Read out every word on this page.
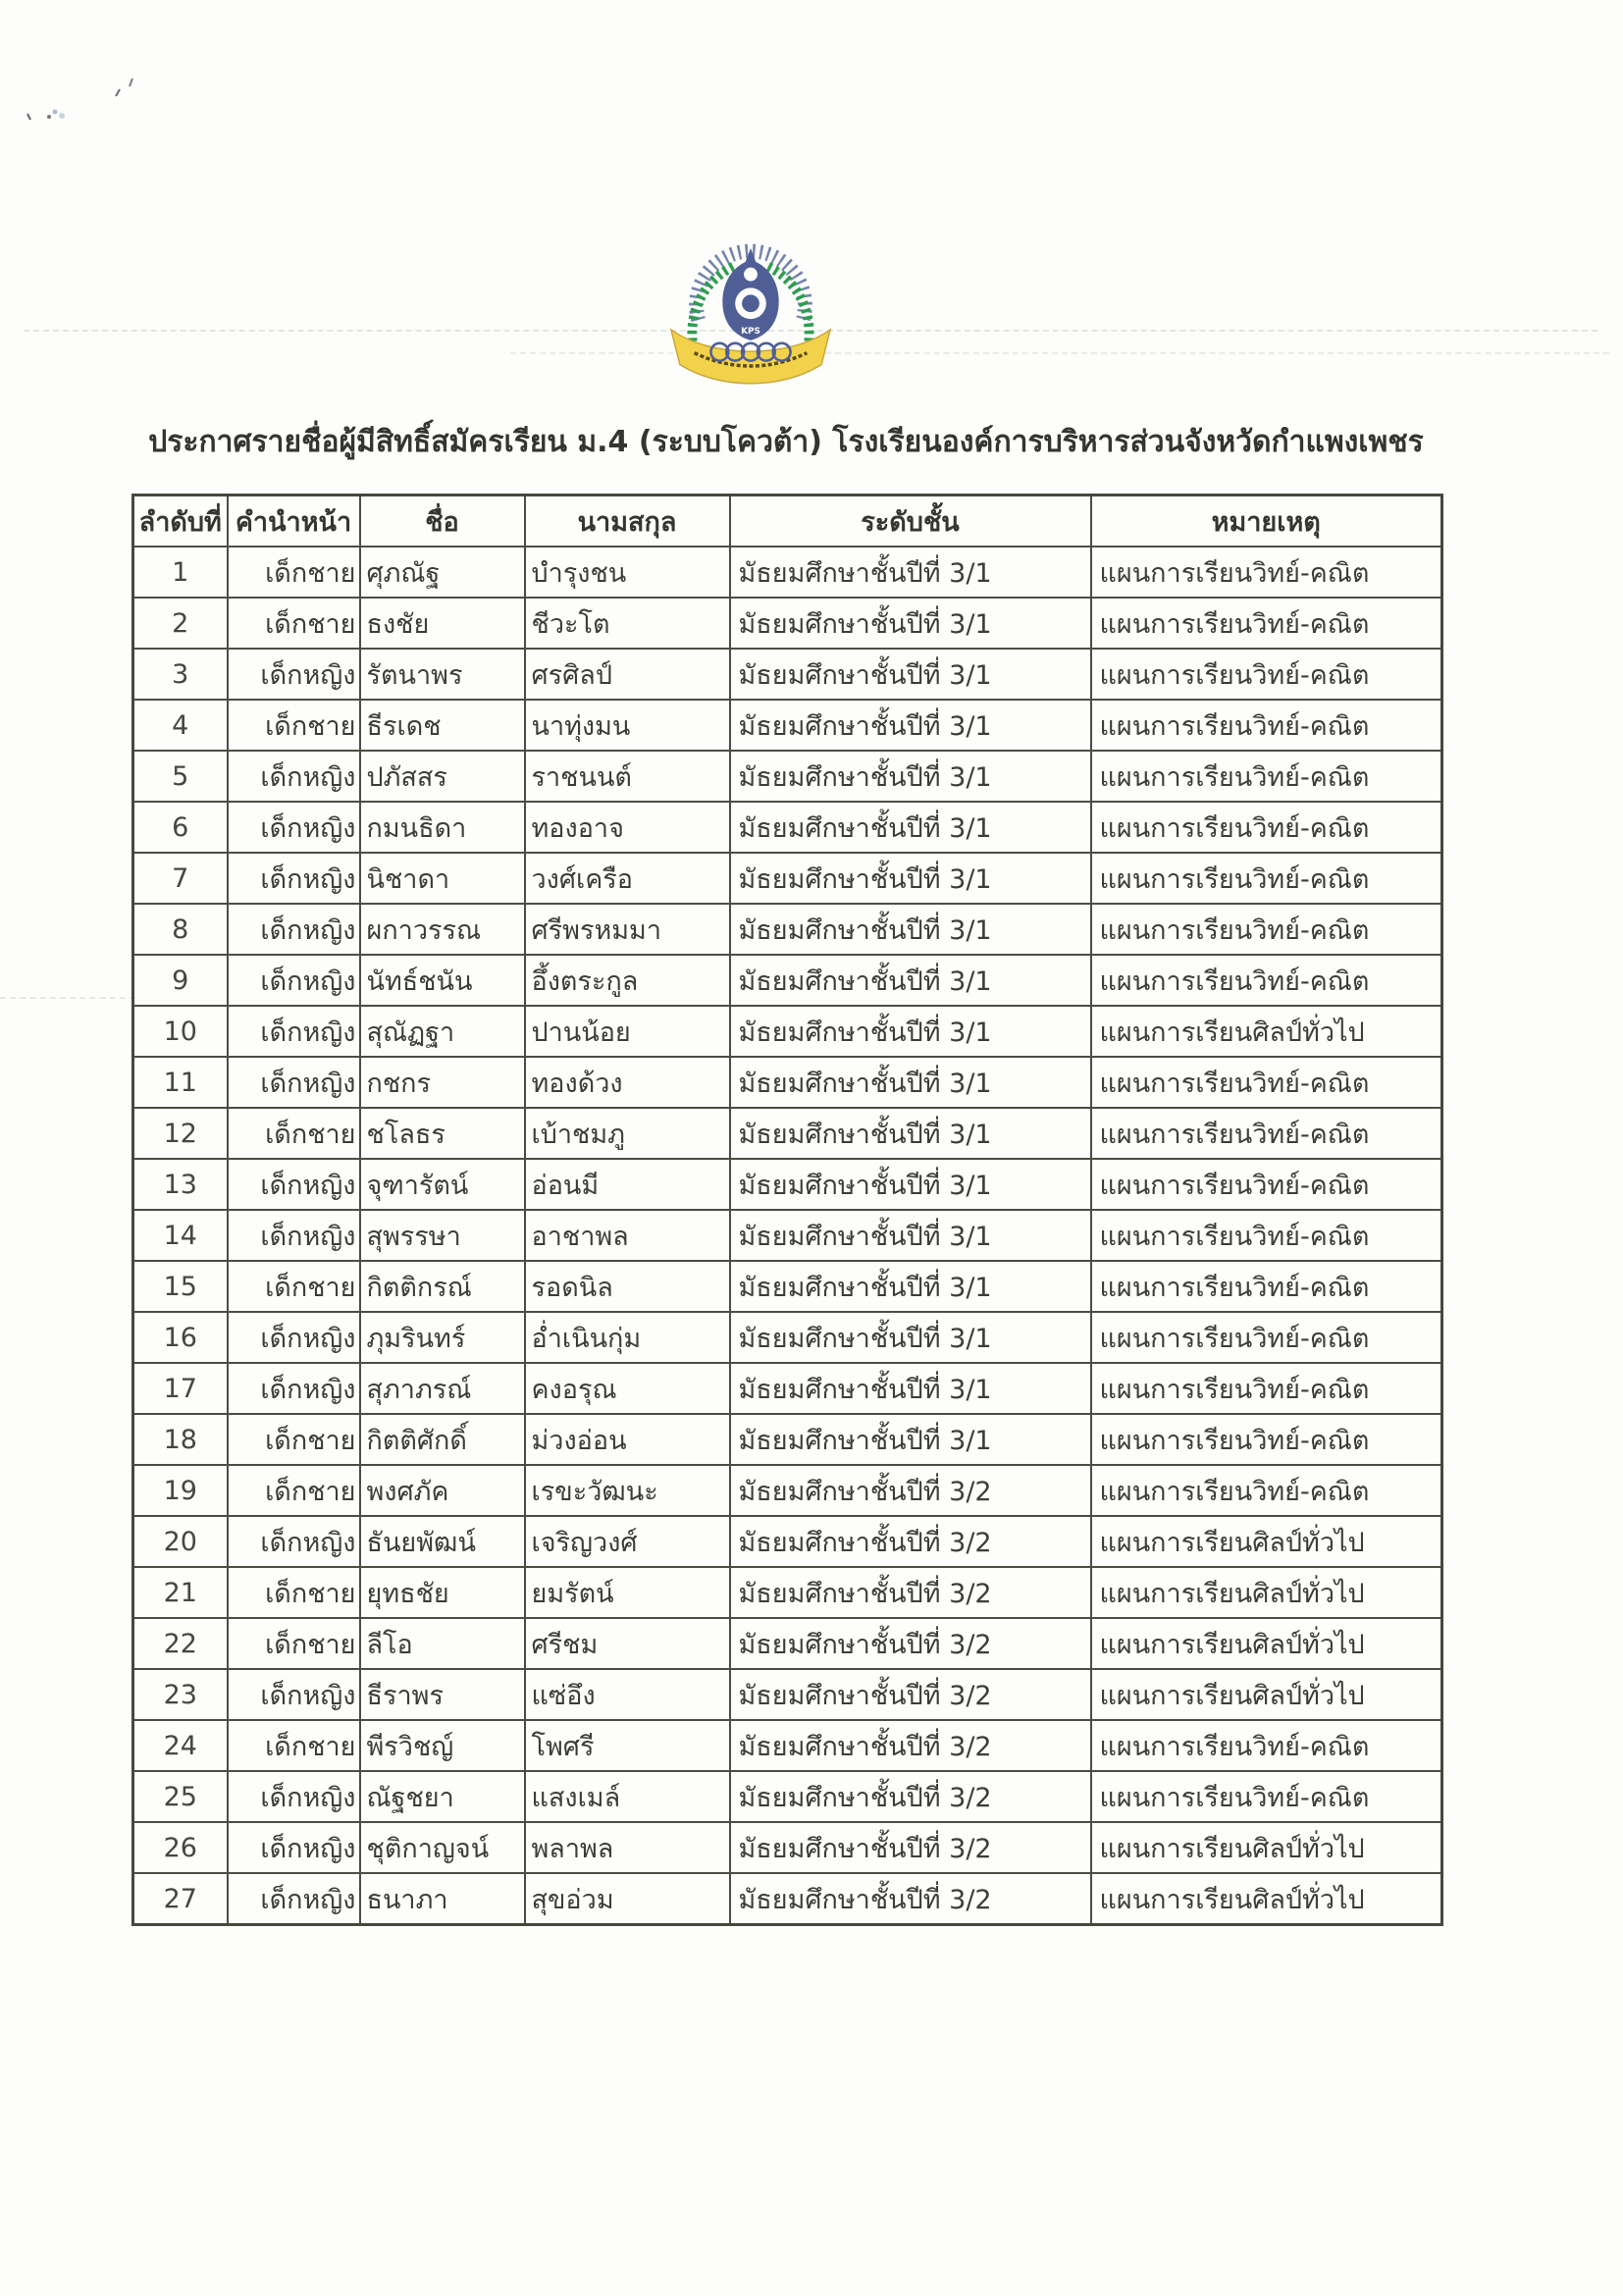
KPS
ประกาศรายชื่อผู้มีสิทธิ์สมัครเรียน ม.4 (ระบบโควต้า) โรงเรียนองค์การบริหารส่วนจังหวัดกำแพงเพชร
ลำดับที่	คำนำหน้า	ชื่อ	นามสกุล	ระดับชั้น	หมายเหตุ
1	เด็กชาย	ศุภณัฐ	บำรุงชน	มัธยมศึกษาชั้นปีที่ 3/1	แผนการเรียนวิทย์-คณิต
2	เด็กชาย	ธงชัย	ชีวะโต	มัธยมศึกษาชั้นปีที่ 3/1	แผนการเรียนวิทย์-คณิต
3	เด็กหญิง	รัตนาพร	ศรศิลป์	มัธยมศึกษาชั้นปีที่ 3/1	แผนการเรียนวิทย์-คณิต
4	เด็กชาย	ธีรเดช	นาทุ่งมน	มัธยมศึกษาชั้นปีที่ 3/1	แผนการเรียนวิทย์-คณิต
5	เด็กหญิง	ปภัสสร	ราชนนต์	มัธยมศึกษาชั้นปีที่ 3/1	แผนการเรียนวิทย์-คณิต
6	เด็กหญิง	กมนธิดา	ทองอาจ	มัธยมศึกษาชั้นปีที่ 3/1	แผนการเรียนวิทย์-คณิต
7	เด็กหญิง	นิชาดา	วงศ์เครือ	มัธยมศึกษาชั้นปีที่ 3/1	แผนการเรียนวิทย์-คณิต
8	เด็กหญิง	ผกาวรรณ	ศรีพรหมมา	มัธยมศึกษาชั้นปีที่ 3/1	แผนการเรียนวิทย์-คณิต
9	เด็กหญิง	นัทธ์ชนัน	อึ้งตระกูล	มัธยมศึกษาชั้นปีที่ 3/1	แผนการเรียนวิทย์-คณิต
10	เด็กหญิง	สุณัฏฐา	ปานน้อย	มัธยมศึกษาชั้นปีที่ 3/1	แผนการเรียนศิลป์ทั่วไป
11	เด็กหญิง	กชกร	ทองด้วง	มัธยมศึกษาชั้นปีที่ 3/1	แผนการเรียนวิทย์-คณิต
12	เด็กชาย	ชโลธร	เบ้าชมภู	มัธยมศึกษาชั้นปีที่ 3/1	แผนการเรียนวิทย์-คณิต
13	เด็กหญิง	จุฑารัตน์	อ่อนมี	มัธยมศึกษาชั้นปีที่ 3/1	แผนการเรียนวิทย์-คณิต
14	เด็กหญิง	สุพรรษา	อาชาพล	มัธยมศึกษาชั้นปีที่ 3/1	แผนการเรียนวิทย์-คณิต
15	เด็กชาย	กิตติกรณ์	รอดนิล	มัธยมศึกษาชั้นปีที่ 3/1	แผนการเรียนวิทย์-คณิต
16	เด็กหญิง	ภุมรินทร์	อ่ำเนินกุ่ม	มัธยมศึกษาชั้นปีที่ 3/1	แผนการเรียนวิทย์-คณิต
17	เด็กหญิง	สุภาภรณ์	คงอรุณ	มัธยมศึกษาชั้นปีที่ 3/1	แผนการเรียนวิทย์-คณิต
18	เด็กชาย	กิตติศักดิ์	ม่วงอ่อน	มัธยมศึกษาชั้นปีที่ 3/1	แผนการเรียนวิทย์-คณิต
19	เด็กชาย	พงศภัค	เรขะวัฒนะ	มัธยมศึกษาชั้นปีที่ 3/2	แผนการเรียนวิทย์-คณิต
20	เด็กหญิง	ธันยพัฒน์	เจริญวงศ์	มัธยมศึกษาชั้นปีที่ 3/2	แผนการเรียนศิลป์ทั่วไป
21	เด็กชาย	ยุทธชัย	ยมรัตน์	มัธยมศึกษาชั้นปีที่ 3/2	แผนการเรียนศิลป์ทั่วไป
22	เด็กชาย	ลีโอ	ศรีชม	มัธยมศึกษาชั้นปีที่ 3/2	แผนการเรียนศิลป์ทั่วไป
23	เด็กหญิง	ธีราพร	แซ่อึง	มัธยมศึกษาชั้นปีที่ 3/2	แผนการเรียนศิลป์ทั่วไป
24	เด็กชาย	พีรวิชญ์	โพศรี	มัธยมศึกษาชั้นปีที่ 3/2	แผนการเรียนวิทย์-คณิต
25	เด็กหญิง	ณัฐชยา	แสงเมล์	มัธยมศึกษาชั้นปีที่ 3/2	แผนการเรียนวิทย์-คณิต
26	เด็กหญิง	ชุติกาญจน์	พลาพล	มัธยมศึกษาชั้นปีที่ 3/2	แผนการเรียนศิลป์ทั่วไป
27	เด็กหญิง	ธนาภา	สุขอ่วม	มัธยมศึกษาชั้นปีที่ 3/2	แผนการเรียนศิลป์ทั่วไป
